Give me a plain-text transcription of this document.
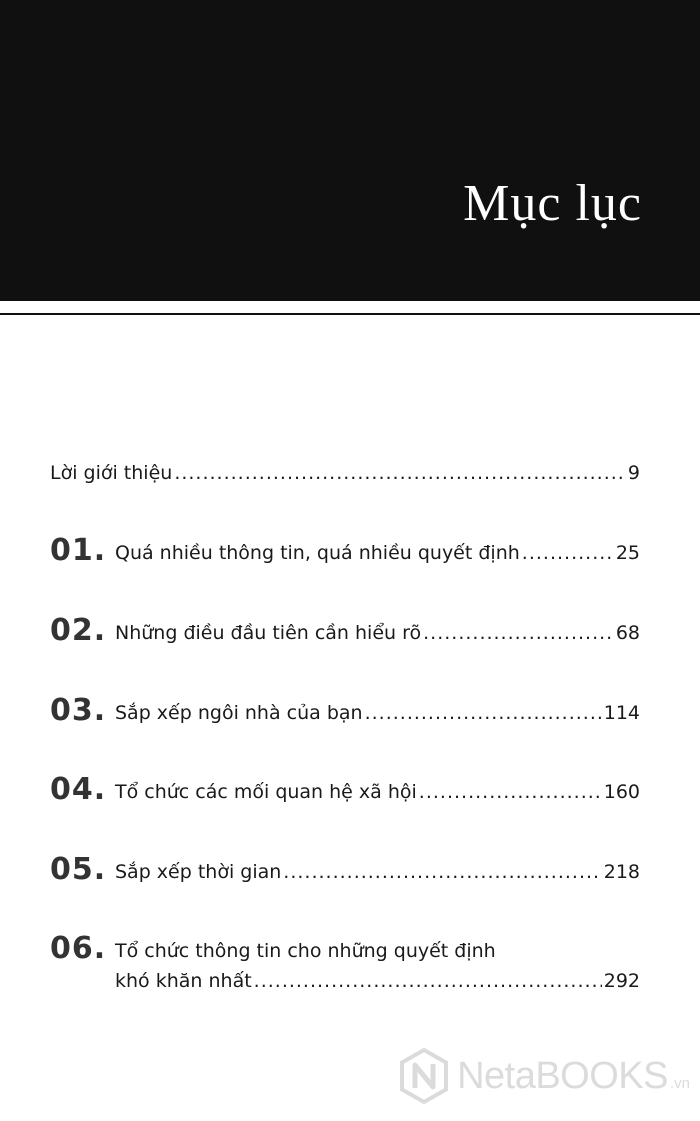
Mục lục
Lời giới thiệu .....	9
01. Quá nhiều thông tin, quá nhiều quyết định .....	25
02. Những điều đầu tiên cần hiểu rõ .....	68
03. Sắp xếp ngôi nhà của bạn .....	114
04. Tổ chức các mối quan hệ xã hội .....	160
05. Sắp xếp thời gian .....	218
06. Tổ chức thông tin cho những quyết định
khó khăn nhất .....	292
NetaBOOKS .vn
